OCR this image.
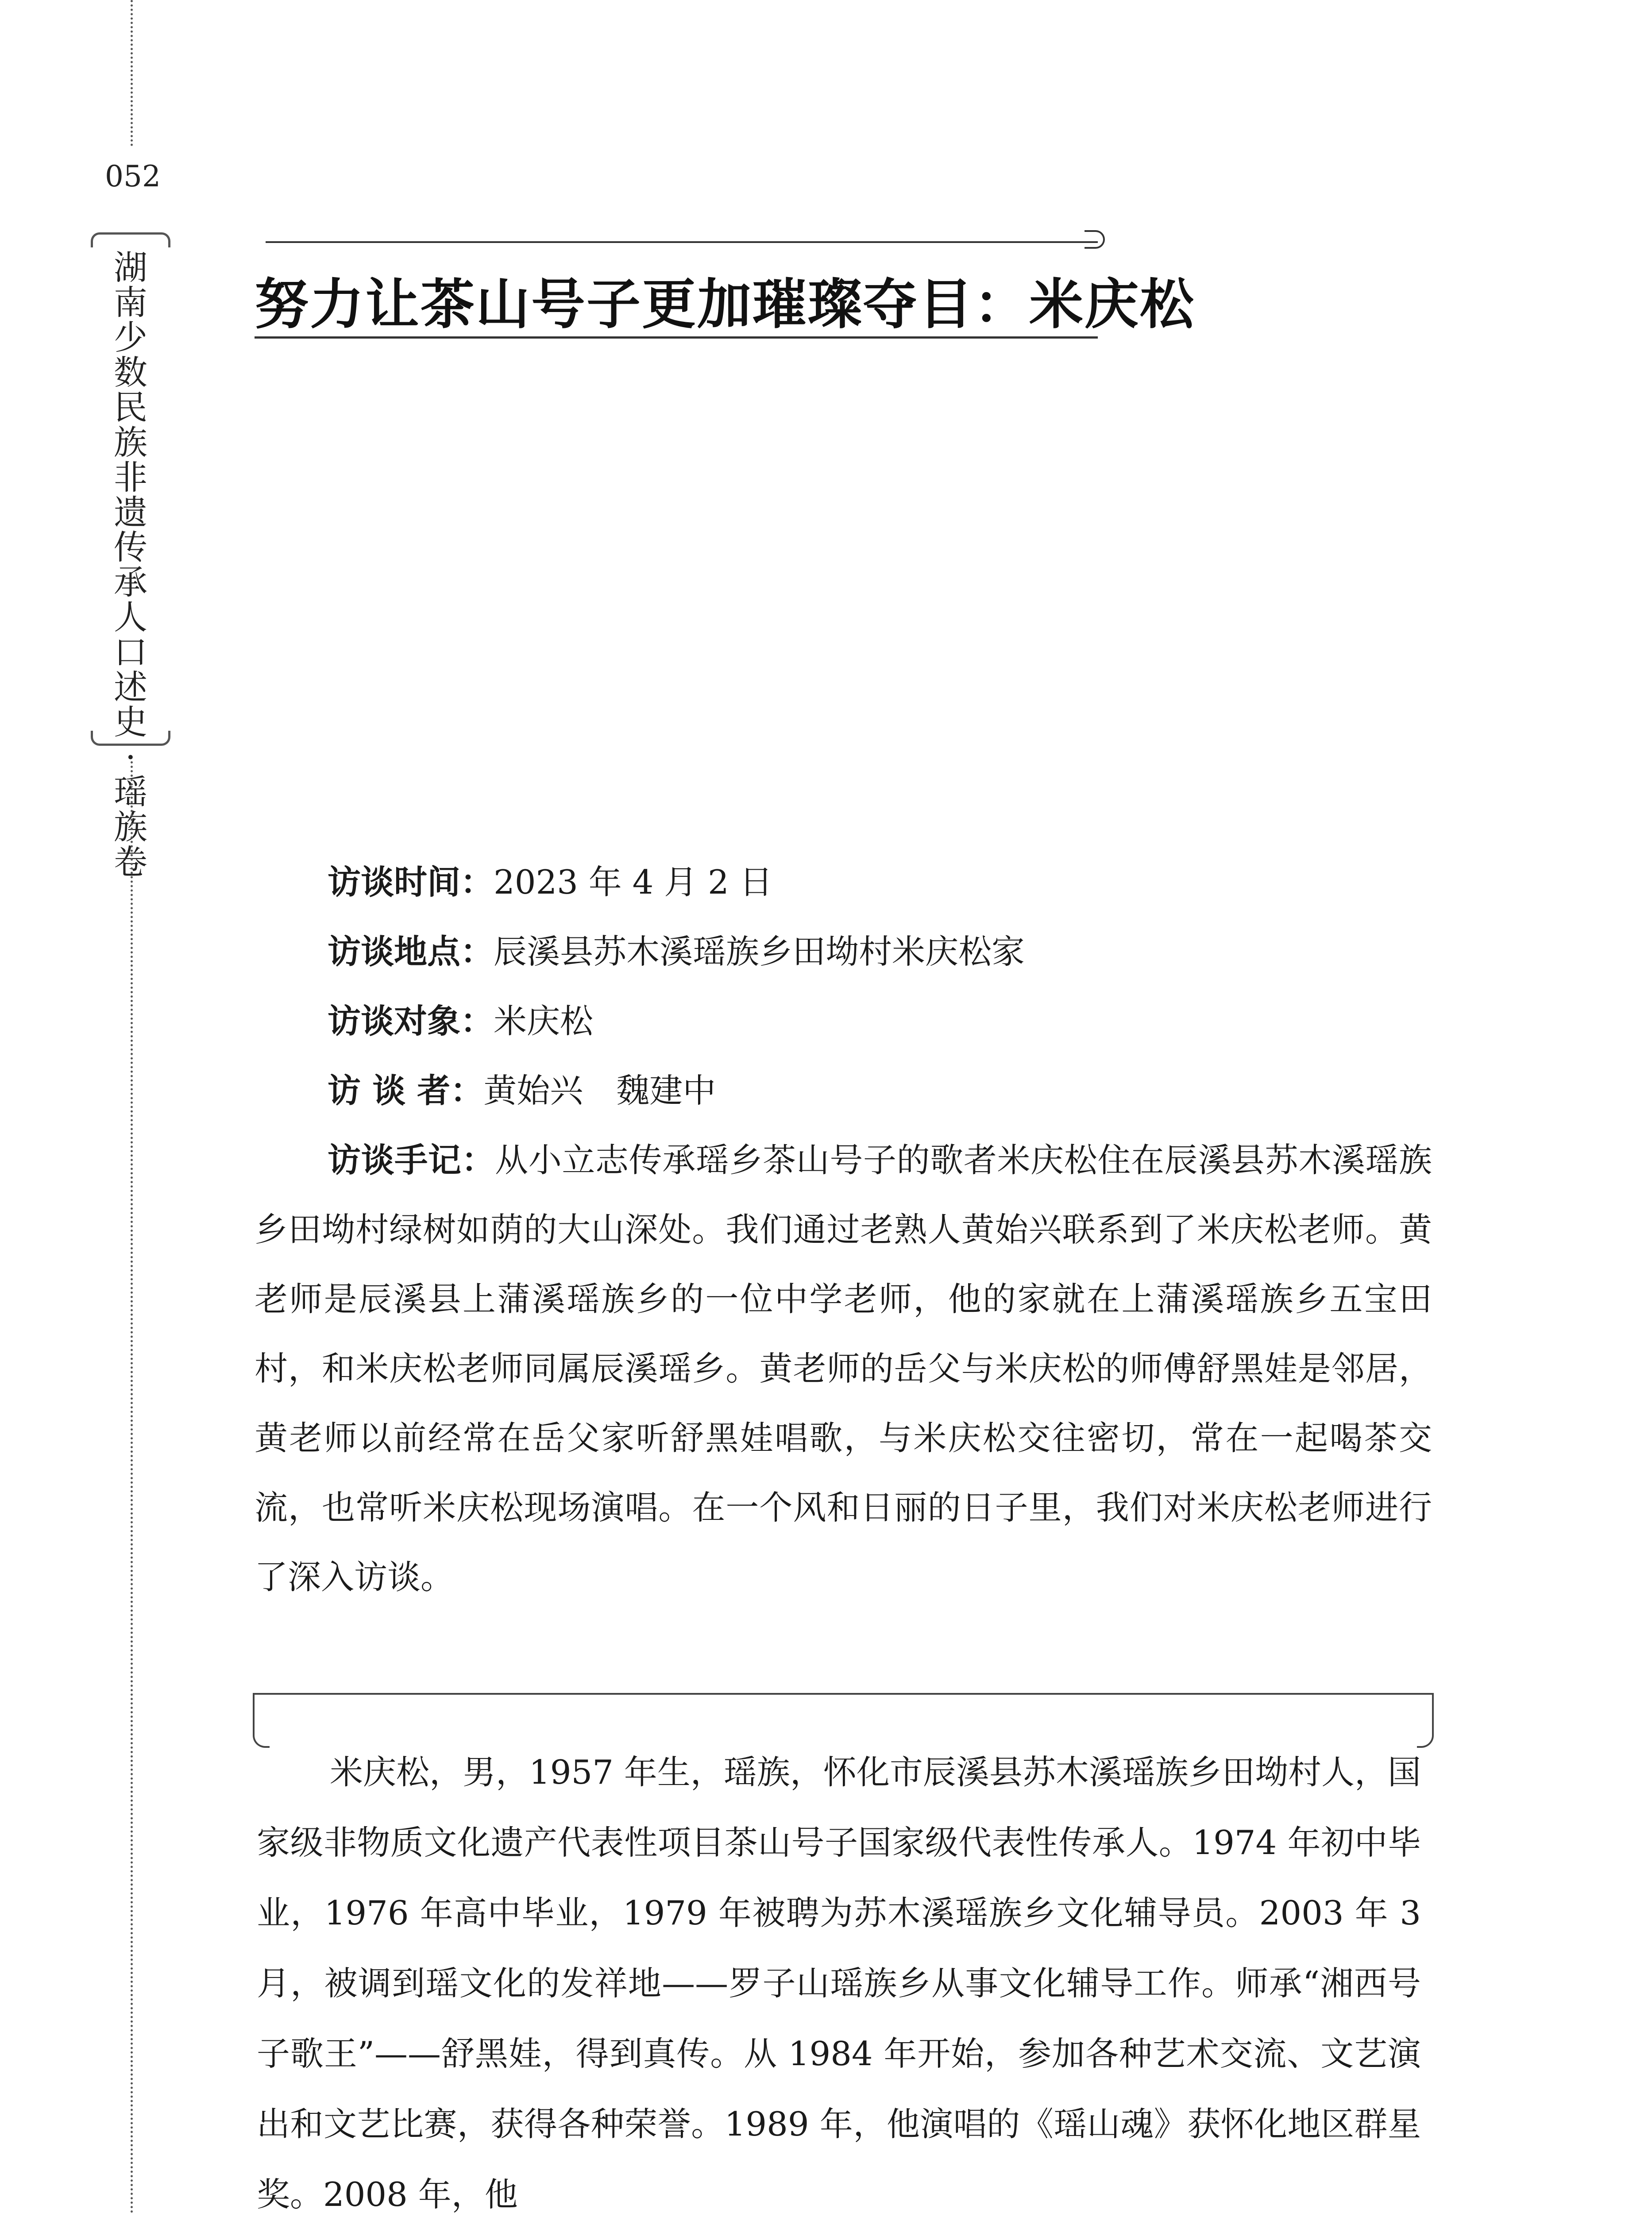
052
湖南少数民族非遗传承人口述史·瑶族卷
努力让茶山号子更加璀璨夺目：米庆松
访谈时间：2023 年 4 月 2 日
访谈地点：辰溪县苏木溪瑶族乡田坳村米庆松家
访谈对象：米庆松
访 谈 者：黄始兴　魏建中
访谈手记：从小立志传承瑶乡茶山号子的歌者米庆松住在辰溪县苏木溪瑶族乡田坳村绿树如荫的大山深处。我们通过老熟人黄始兴联系到了米庆松老师。黄老师是辰溪县上蒲溪瑶族乡的一位中学老师，他的家就在上蒲溪瑶族乡五宝田村，和米庆松老师同属辰溪瑶乡。黄老师的岳父与米庆松的师傅舒黑娃是邻居，黄老师以前经常在岳父家听舒黑娃唱歌，与米庆松交往密切，常在一起喝茶交流，也常听米庆松现场演唱。在一个风和日丽的日子里，我们对米庆松老师进行了深入访谈。
米庆松，男，1957 年生，瑶族，怀化市辰溪县苏木溪瑶族乡田坳村人，国家级非物质文化遗产代表性项目茶山号子国家级代表性传承人。1974 年初中毕业，1976 年高中毕业，1979 年被聘为苏木溪瑶族乡文化辅导员。2003 年 3 月，被调到瑶文化的发祥地——罗子山瑶族乡从事文化辅导工作。师承“湘西号子歌王”——舒黑娃，得到真传。从 1984 年开始，参加各种艺术交流、文艺演出和文艺比赛，获得各种荣誉。1989 年，他演唱的《瑶山魂》获怀化地区群星奖。2008 年，他
